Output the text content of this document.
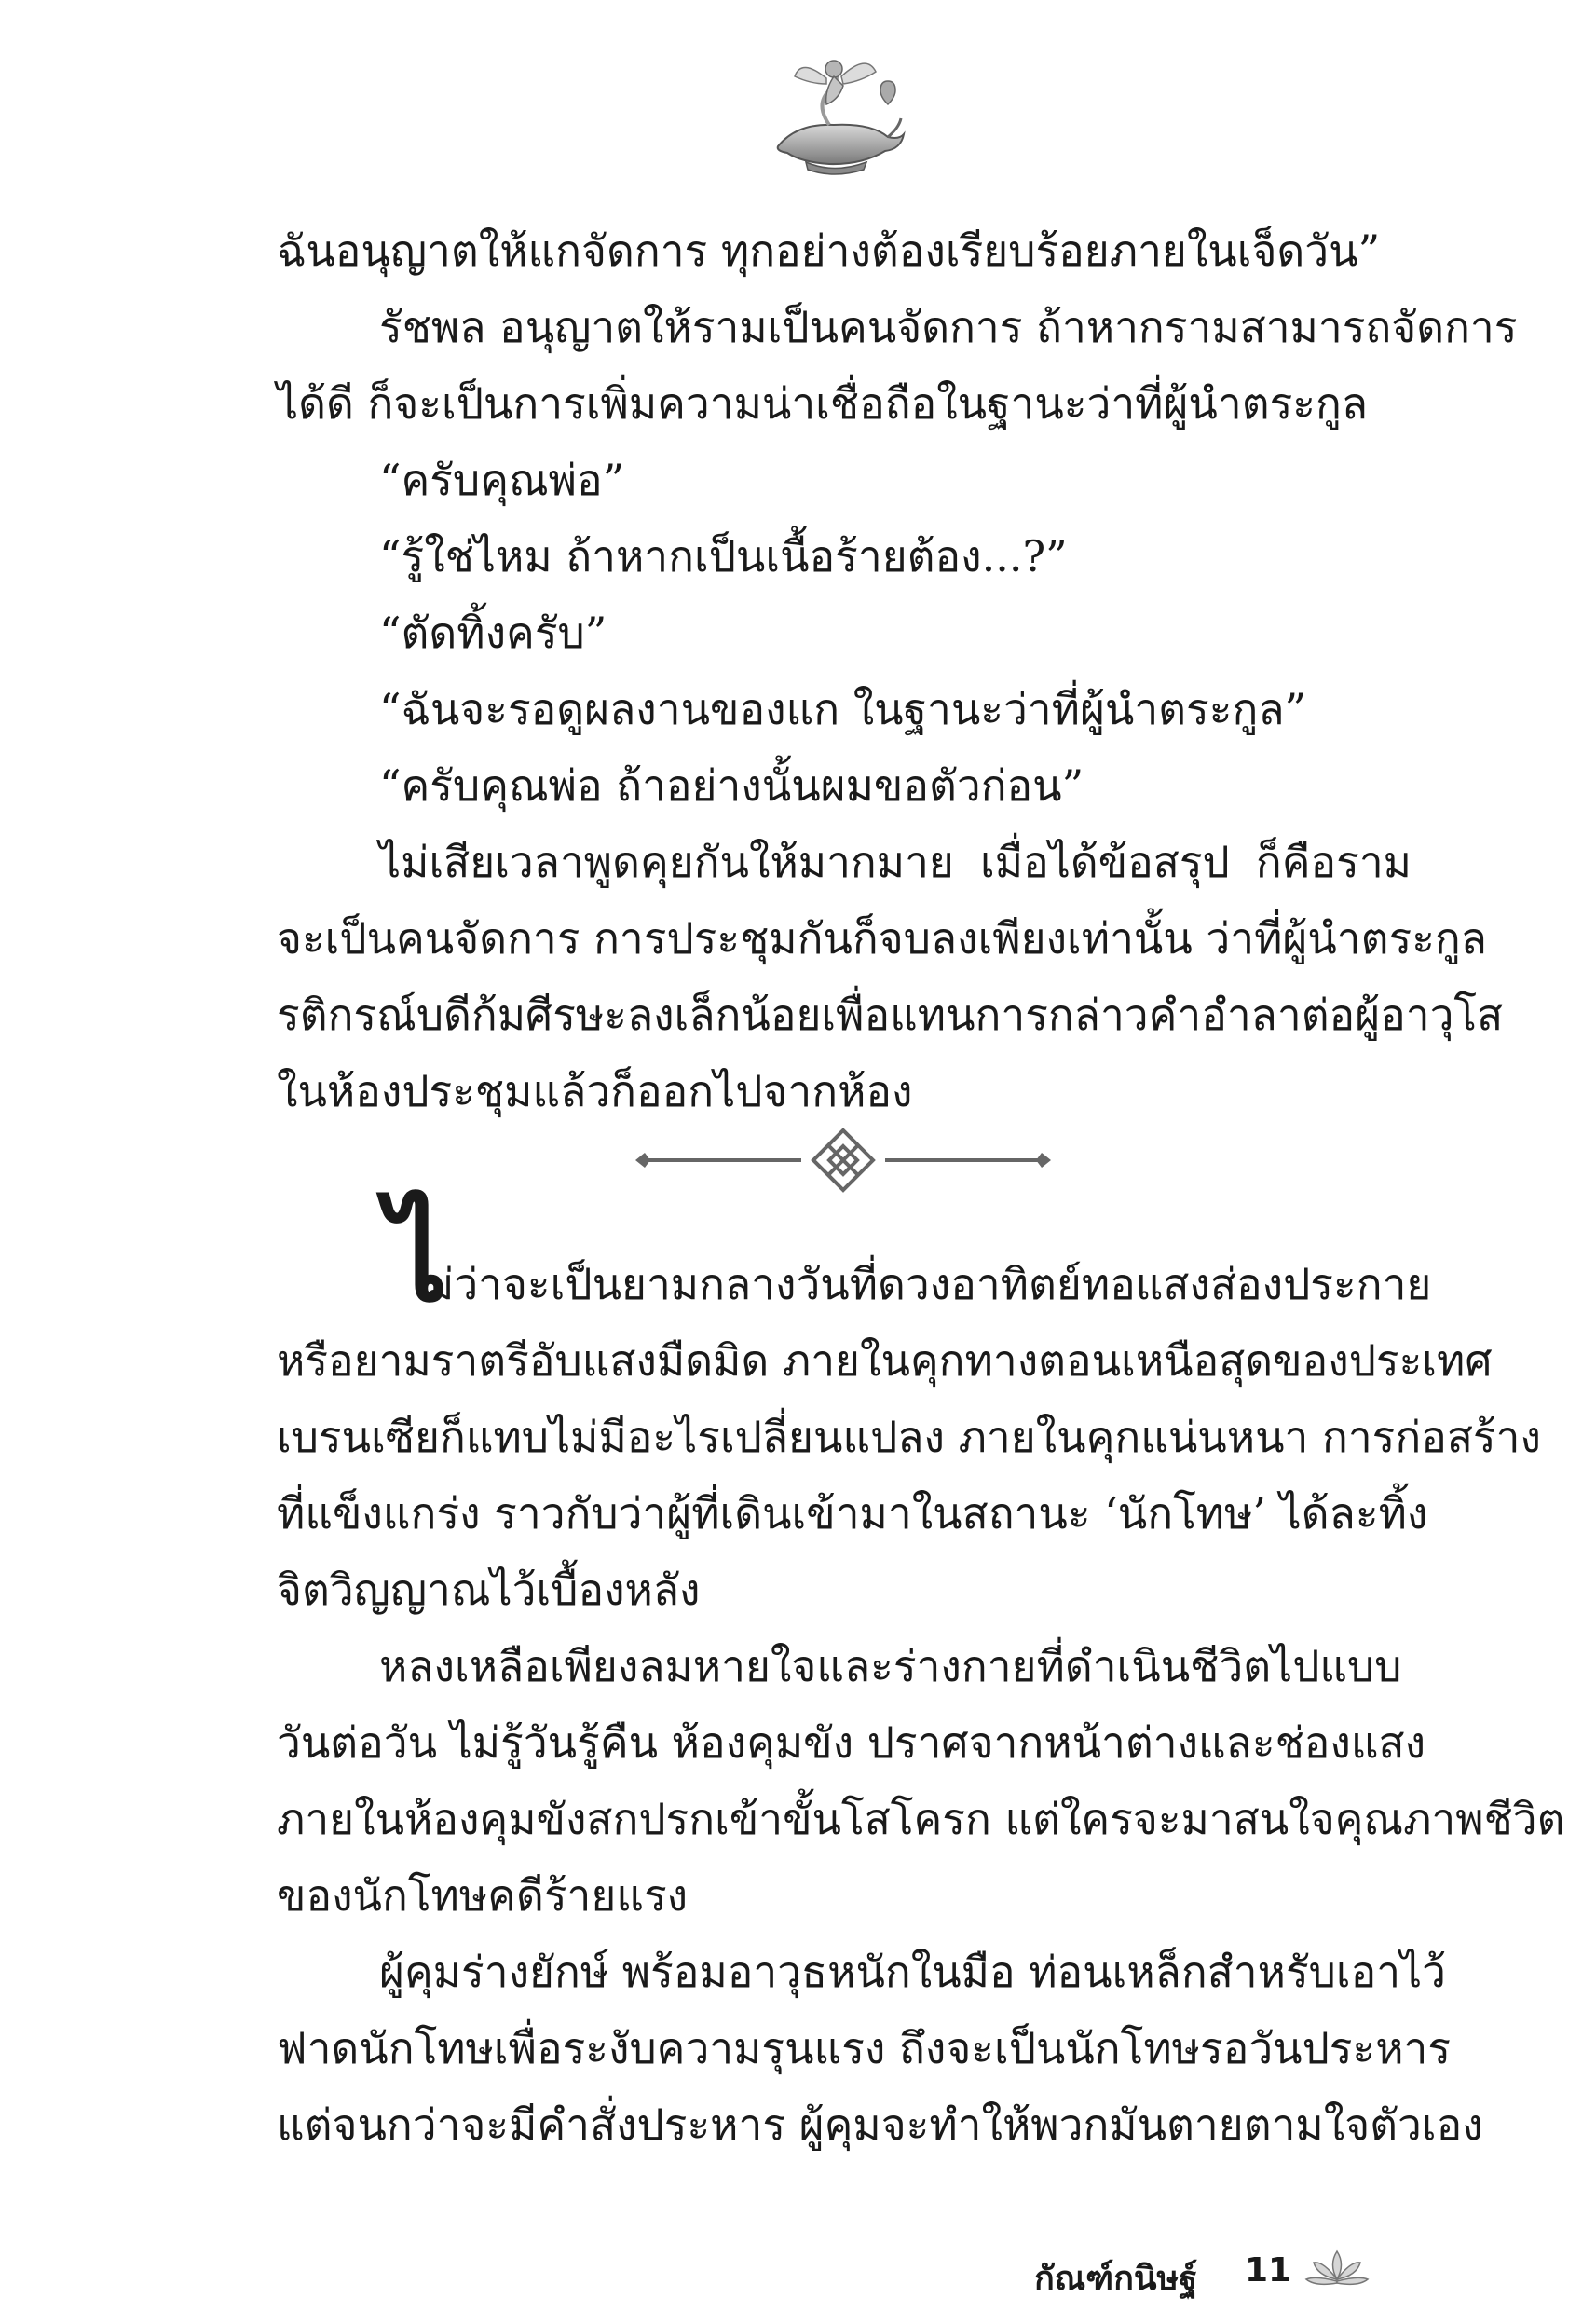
ฉันอนุญาตให้แกจัดการ ทุกอย่างต้องเรียบร้อยภายในเจ็ดวัน”
รัชพล อนุญาตให้รามเป็นคนจัดการ ถ้าหากรามสามารถจัดการ
ได้ดี ก็จะเป็นการเพิ่มความน่าเชื่อถือในฐานะว่าที่ผู้นำตระกูล
“ครับคุณพ่อ”
“รู้ใช่ไหม ถ้าหากเป็นเนื้อร้ายต้อง...?”
“ตัดทิ้งครับ”
“ฉันจะรอดูผลงานของแก ในฐานะว่าที่ผู้นำตระกูล”
“ครับคุณพ่อ ถ้าอย่างนั้นผมขอตัวก่อน”
ไม่เสียเวลาพูดคุยกันให้มากมาย เมื่อได้ข้อสรุป ก็คือราม
จะเป็นคนจัดการ การประชุมกันก็จบลงเพียงเท่านั้น ว่าที่ผู้นำตระกูล
รติกรณ์บดีก้มศีรษะลงเล็กน้อยเพื่อแทนการกล่าวคำอำลาต่อผู้อาวุโส
ในห้องประชุมแล้วก็ออกไปจากห้อง
ไ
ม่ว่าจะเป็นยามกลางวันที่ดวงอาทิตย์ทอแสงส่องประกาย
หรือยามราตรีอับแสงมืดมิด ภายในคุกทางตอนเหนือสุดของประเทศ
เบรนเซียก็แทบไม่มีอะไรเปลี่ยนแปลง ภายในคุกแน่นหนา การก่อสร้าง
ที่แข็งแกร่ง ราวกับว่าผู้ที่เดินเข้ามาในสถานะ ‘นักโทษ’ ได้ละทิ้ง
จิตวิญญาณไว้เบื้องหลัง
หลงเหลือเพียงลมหายใจและร่างกายที่ดำเนินชีวิตไปแบบ
วันต่อวัน ไม่รู้วันรู้คืน ห้องคุมขัง ปราศจากหน้าต่างและช่องแสง
ภายในห้องคุมขังสกปรกเข้าขั้นโสโครก แต่ใครจะมาสนใจคุณภาพชีวิต
ของนักโทษคดีร้ายแรง
ผู้คุมร่างยักษ์ พร้อมอาวุธหนักในมือ ท่อนเหล็กสำหรับเอาไว้
ฟาดนักโทษเพื่อระงับความรุนแรง ถึงจะเป็นนักโทษรอวันประหาร
แต่จนกว่าจะมีคำสั่งประหาร ผู้คุมจะทำให้พวกมันตายตามใจตัวเอง
กัณฑ์กนิษฐ์ 11
